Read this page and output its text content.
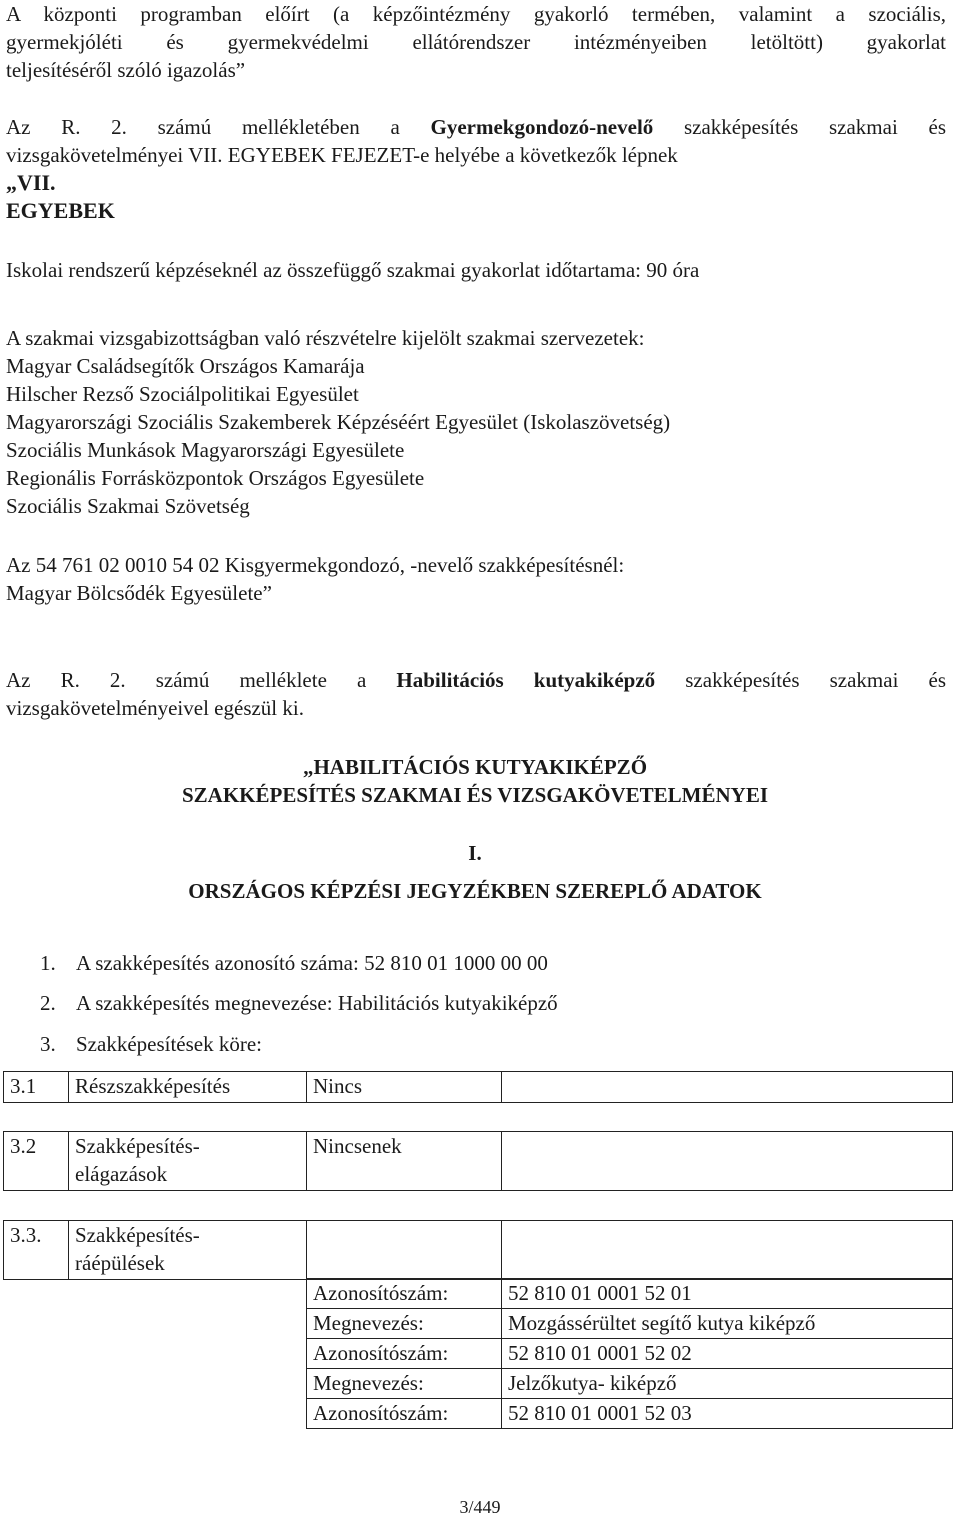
A központi programban előírt (a képzőintézmény gyakorló termében, valamint a szociális,
gyermekjóléti és gyermekvédelmi ellátórendszer intézményeiben letöltött) gyakorlat
teljesítéséről szóló igazolás”
Az R. 2. számú mellékletében a Gyermekgondozó-nevelő szakképesítés szakmai és
vizsgakövetelményei VII. EGYEBEK FEJEZET-e helyébe a következők lépnek
„VII.
EGYEBEK
Iskolai rendszerű képzéseknél az összefüggő szakmai gyakorlat időtartama: 90 óra
A szakmai vizsgabizottságban való részvételre kijelölt szakmai szervezetek:
Magyar Családsegítők Országos Kamarája
Hilscher Rezső Szociálpolitikai Egyesület
Magyarországi Szociális Szakemberek Képzéséért Egyesület (Iskolaszövetség)
Szociális Munkások Magyarországi Egyesülete
Regionális Forrásközpontok Országos Egyesülete
Szociális Szakmai Szövetség
Az 54 761 02 0010 54 02 Kisgyermekgondozó, -nevelő szakképesítésnél:
Magyar Bölcsődék Egyesülete”
Az R. 2. számú melléklete a Habilitációs kutyakiképző szakképesítés szakmai és
vizsgakövetelményeivel egészül ki.
„HABILITÁCIÓS KUTYAKIKÉPZŐ
SZAKKÉPESÍTÉS SZAKMAI ÉS VIZSGAKÖVETELMÉNYEI
I.
ORSZÁGOS KÉPZÉSI JEGYZÉKBEN SZEREPLŐ ADATOK
1. A szakképesítés azonosító száma: 52 810 01 1000 00 00
2. A szakképesítés megnevezése: Habilitációs kutyakiképző
3. Szakképesítések köre:
3.1	Részszakképesítés	Nincs	
3.2	Szakképesítés-
elágazások	Nincsenek	
3.3.	Szakképesítés-
ráépülések		
Azonosítószám:	52 810 01 0001 52 01
Megnevezés:	Mozgássérültet segítő kutya kiképző
Azonosítószám:	52 810 01 0001 52 02
Megnevezés:	Jelzőkutya- kiképző
Azonosítószám:	52 810 01 0001 52 03
3/449
